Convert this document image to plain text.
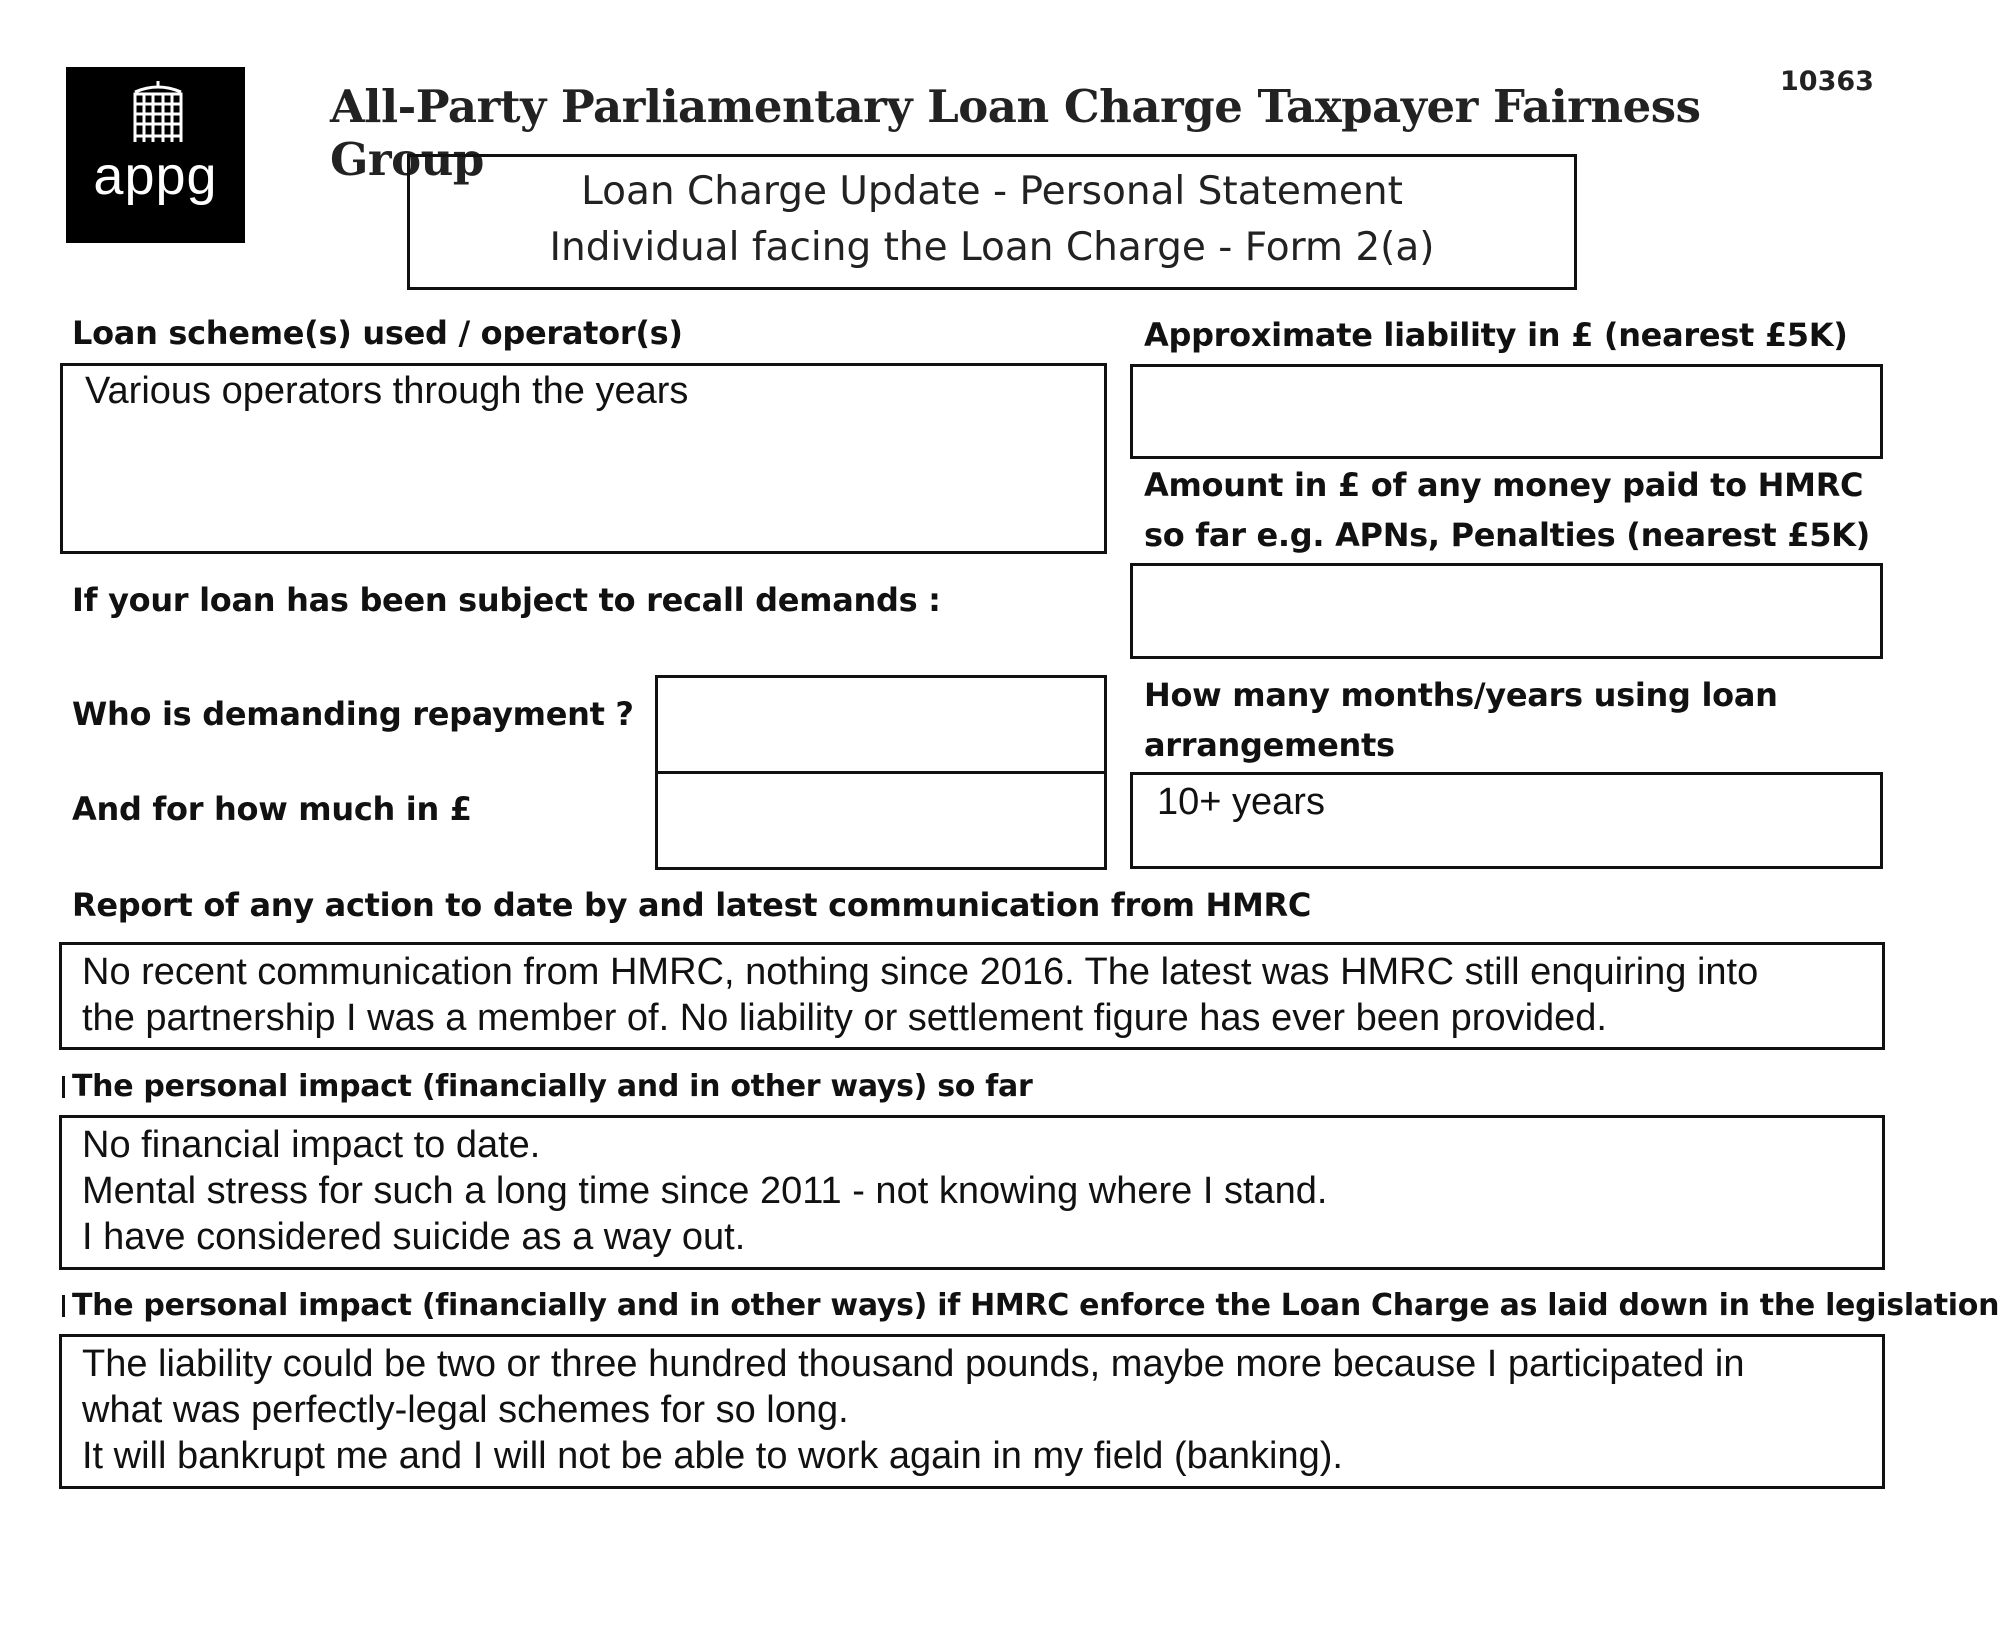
appg
All-Party Parliamentary Loan Charge Taxpayer Fairness Group
10363
Loan Charge Update - Personal Statement
Individual facing the Loan Charge - Form 2(a)
Loan scheme(s) used / operator(s)
Various operators through the years
Approximate liability in £ (nearest £5K)
Amount in £ of any money paid to HMRC
so far e.g. APNs, Penalties (nearest £5K)
If your loan has been subject to recall demands :
Who is demanding repayment ?
And for how much in £
How many months/years using loan
arrangements
10+ years
Report of any action to date by and latest communication from HMRC
No recent communication from HMRC, nothing since 2016. The latest was HMRC still enquiring into
the partnership I was a member of. No liability or settlement figure has ever been provided.
The personal impact (financially and in other ways) so far
No financial impact to date.
Mental stress for such a long time since 2011 - not knowing where I stand.
I have considered suicide as a way out.
The personal impact (financially and in other ways) if HMRC enforce the Loan Charge as laid down in the legislation
The liability could be two or three hundred thousand pounds, maybe more because I participated in
what was perfectly-legal schemes for so long.
It will bankrupt me and I will not be able to work again in my field (banking).
